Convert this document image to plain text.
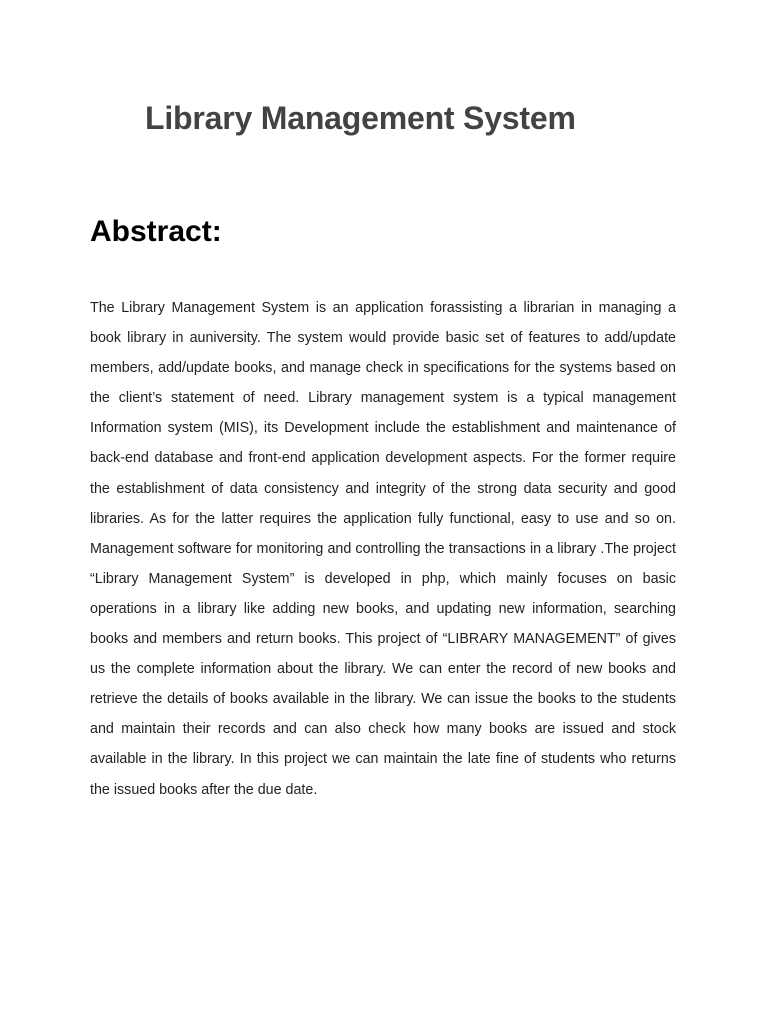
Library Management System
Abstract:

The Library Management System is an application forassisting a librarian in managing a book library in auniversity. The system would provide basic set of features to add/update members, add/update books, and manage check in specifications for the systems based on the client’s statement of need. Library management system is a typical management Information system (MIS), its Development include the establishment and maintenance of back-end database and front-end application development aspects. For the former require the establishment of data consistency and integrity of the strong data security and good libraries. As for the latter requires the application fully functional, easy to use and so on. Management software for monitoring and controlling the transactions in a library .The project “Library Management System” is developed in php, which mainly focuses on basic operations in a library like adding new books, and updating new information, searching books and members and return books. This project of “LIBRARY MANAGEMENT” of gives us the complete information about the library. We can enter the record of new books and retrieve the details of books available in the library. We can issue the books to the students and maintain their records and can also check how many books are issued and stock available in the library. In this project we can maintain the late fine of students who returns the issued books after the due date.
